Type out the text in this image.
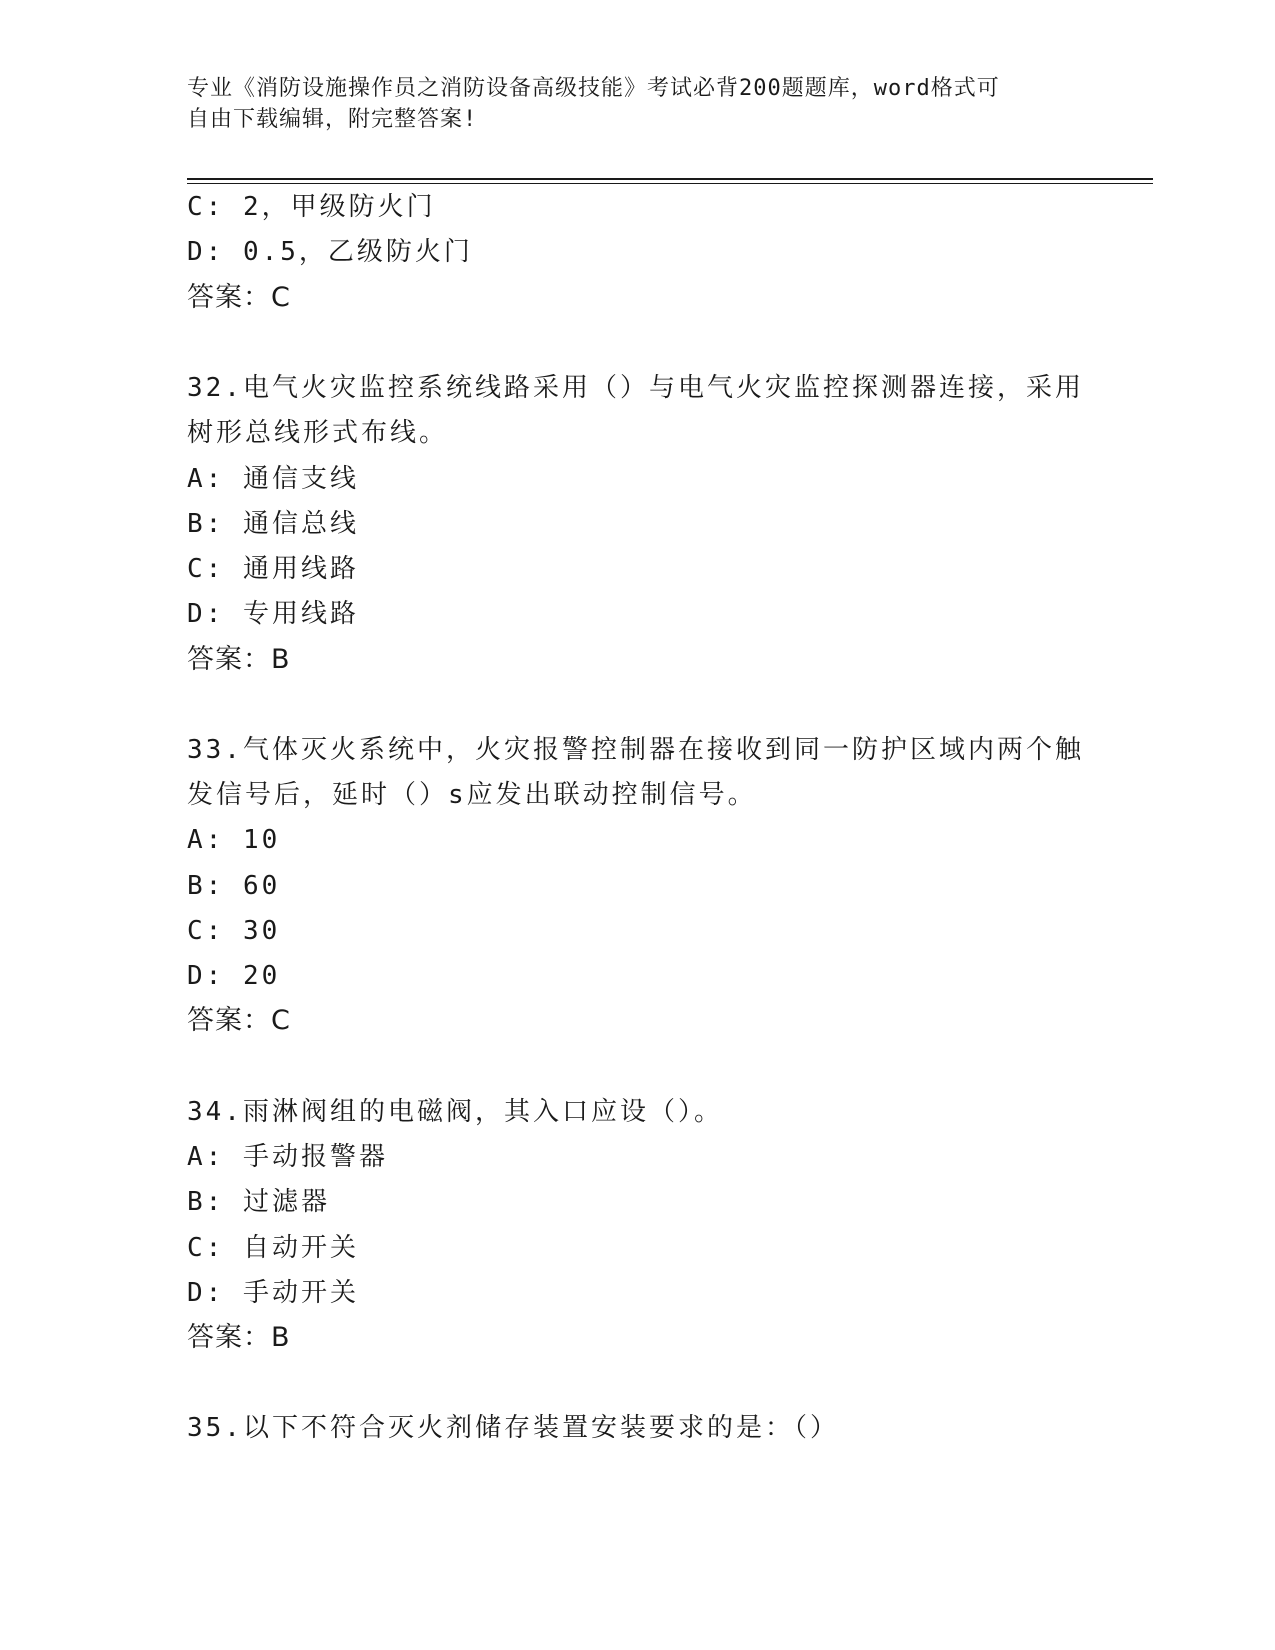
专业《消防设施操作员之消防设备高级技能》考试必背200题题库，word格式可
自由下载编辑，附完整答案!
C: 2，甲级防火门
D: 0.5，乙级防火门
答案：C
32.电气火灾监控系统线路采用（）与电气火灾监控探测器连接，采用
树形总线形式布线。
A: 通信支线
B: 通信总线
C: 通用线路
D: 专用线路
答案：B
33.气体灭火系统中，火灾报警控制器在接收到同一防护区域内两个触
发信号后，延时（）s应发出联动控制信号。
A: 10
B: 60
C: 30
D: 20
答案：C
34.雨淋阀组的电磁阀，其入口应设（）。
A: 手动报警器
B: 过滤器
C: 自动开关
D: 手动开关
答案：B
35.以下不符合灭火剂储存装置安装要求的是：（）
